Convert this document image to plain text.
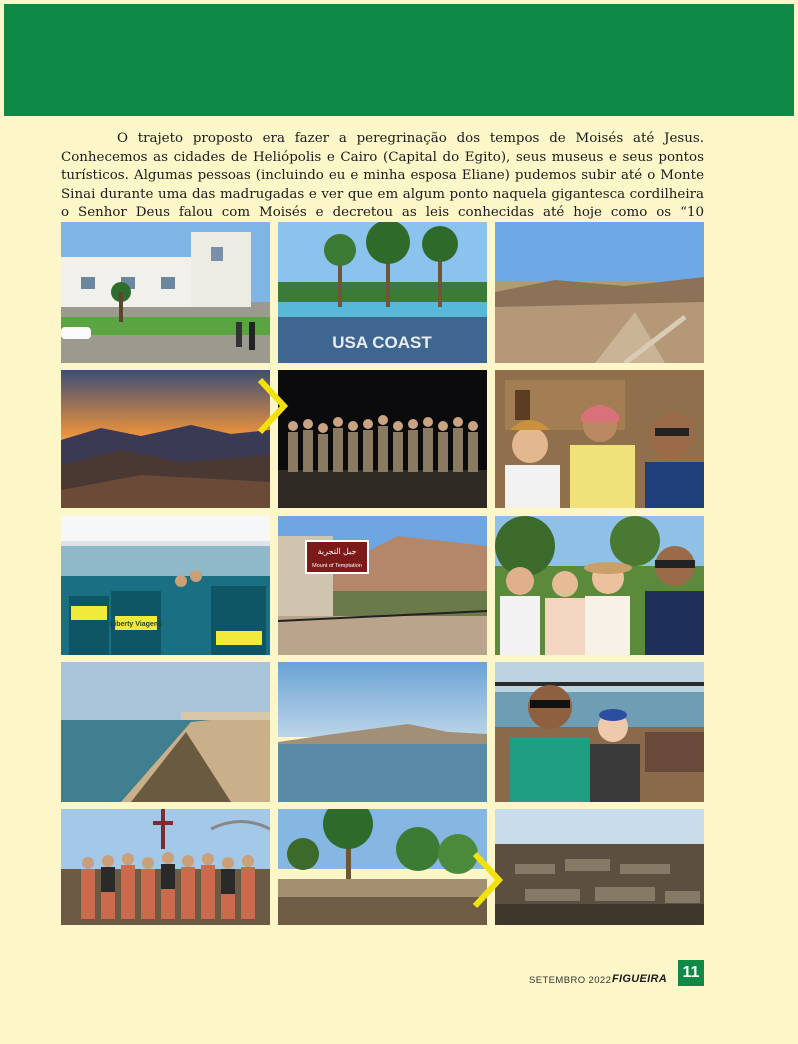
O trajeto proposto era fazer a peregrinação dos tempos de Moisés até Jesus. Conhecemos as cidades de Heliópolis e Cairo (Capital do Egito), seus museus e seus pontos turísticos. Algumas pessoas (incluindo eu e minha esposa Eliane) pudemos subir até o Monte Sinai durante uma das madrugadas e ver que em algum ponto naquela gigantesca cordilheira o Senhor Deus falou com Moisés e decretou as leis conhecidas até hoje como os “10

USA COAST
Liberty Viagens
جبل التجربة
Mount of Temptation
SETEMBRO 2022 FIGUEIRA 11
